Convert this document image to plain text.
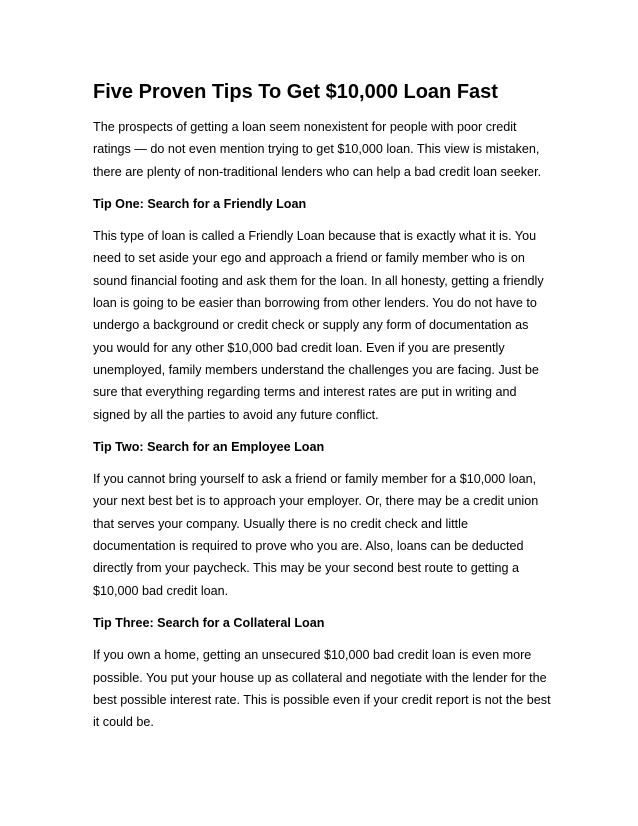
Five Proven Tips To Get $10,000 Loan Fast

The prospects of getting a loan seem nonexistent for people with poor credit ratings — do not even mention trying to get $10,000 loan. This view is mistaken, there are plenty of non-traditional lenders who can help a bad credit loan seeker.

Tip One: Search for a Friendly Loan

This type of loan is called a Friendly Loan because that is exactly what it is. You need to set aside your ego and approach a friend or family member who is on sound financial footing and ask them for the loan. In all honesty, getting a friendly loan is going to be easier than borrowing from other lenders. You do not have to undergo a background or credit check or supply any form of documentation as you would for any other $10,000 bad credit loan. Even if you are presently unemployed, family members understand the challenges you are facing. Just be sure that everything regarding terms and interest rates are put in writing and signed by all the parties to avoid any future conflict.

Tip Two: Search for an Employee Loan

If you cannot bring yourself to ask a friend or family member for a $10,000 loan, your next best bet is to approach your employer. Or, there may be a credit union that serves your company. Usually there is no credit check and little documentation is required to prove who you are. Also, loans can be deducted directly from your paycheck. This may be your second best route to getting a $10,000 bad credit loan.

Tip Three: Search for a Collateral Loan

If you own a home, getting an unsecured $10,000 bad credit loan is even more possible. You put your house up as collateral and negotiate with the lender for the best possible interest rate. This is possible even if your credit report is not the best it could be.
